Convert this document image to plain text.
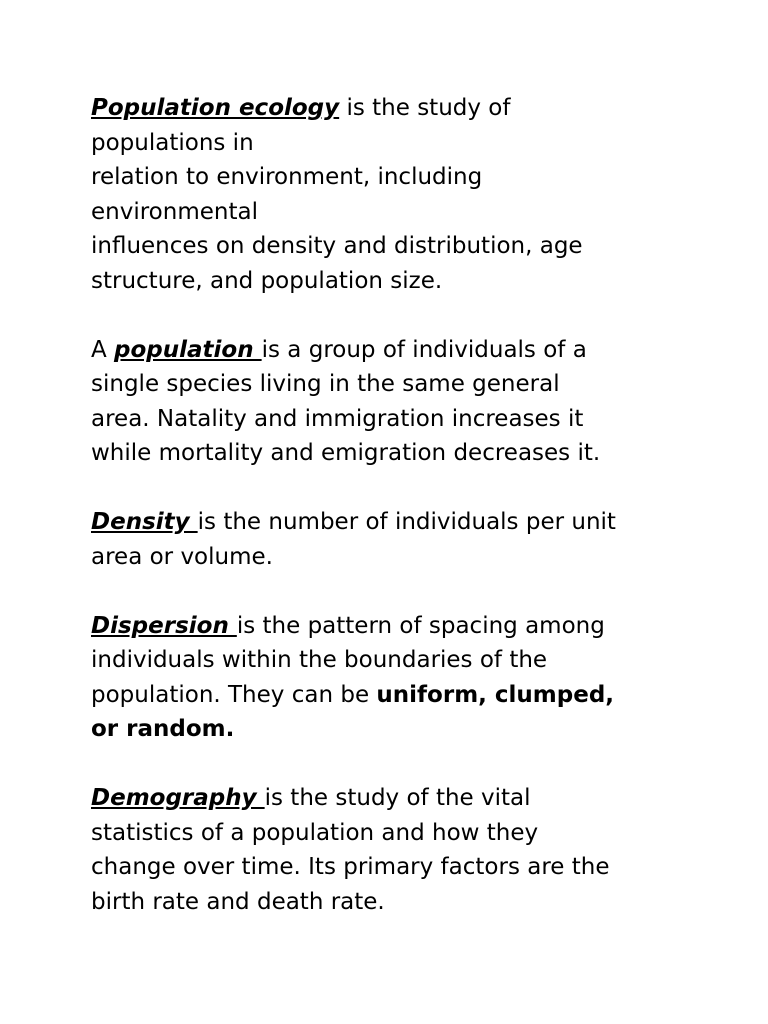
Population ecology is the study of
populations in
relation to environment, including
environmental
influences on density and distribution, age
structure, and population size.
A population is a group of individuals of a
single species living in the same general
area. Natality and immigration increases it
while mortality and emigration decreases it.
Density is the number of individuals per unit
area or volume.
Dispersion is the pattern of spacing among
individuals within the boundaries of the
population. They can be uniform, clumped,
or random.
Demography is the study of the vital
statistics of a population and how they
change over time. Its primary factors are the
birth rate and death rate.
